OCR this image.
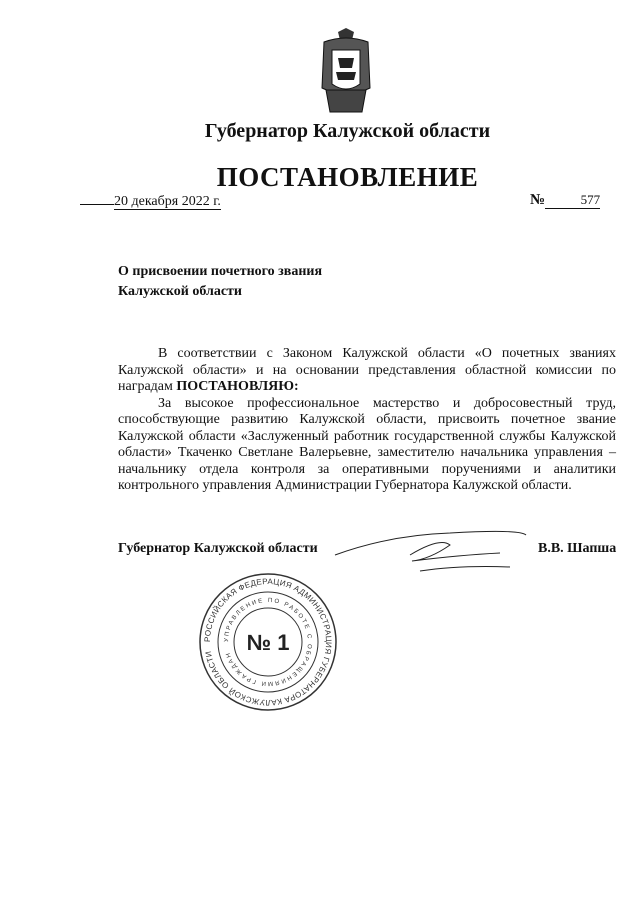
Губернатор Калужской области
ПОСТАНОВЛЕНИЕ
20 декабря 2022 г.	№	577
О присвоении почетного звания
Калужской области

В соответствии с Законом Калужской области «О почетных званиях Калужской области» и на основании представления областной комиссии по наградам ПОСТАНОВЛЯЮ:

За высокое профессиональное мастерство и добросовестный труд, способствующие развитию Калужской области, присвоить почетное звание Калужской области «Заслуженный работник государственной службы Калужской области» Ткаченко Светлане Валерьевне, заместителю начальника управления – начальнику отдела контроля за оперативными поручениями и аналитики контрольного управления Администрации Губернатора Калужской области.

Губернатор Калужской области	В.В. Шапша
РОССИЙСКАЯ ФЕДЕРАЦИЯ АДМИНИСТРАЦИЯ ГУБЕРНАТОРА КАЛУЖСКОЙ ОБЛАСТИ
УПРАВЛЕНИЕ ПО РАБОТЕ С ОБРАЩЕНИЯМИ ГРАЖДАН
№ 1
